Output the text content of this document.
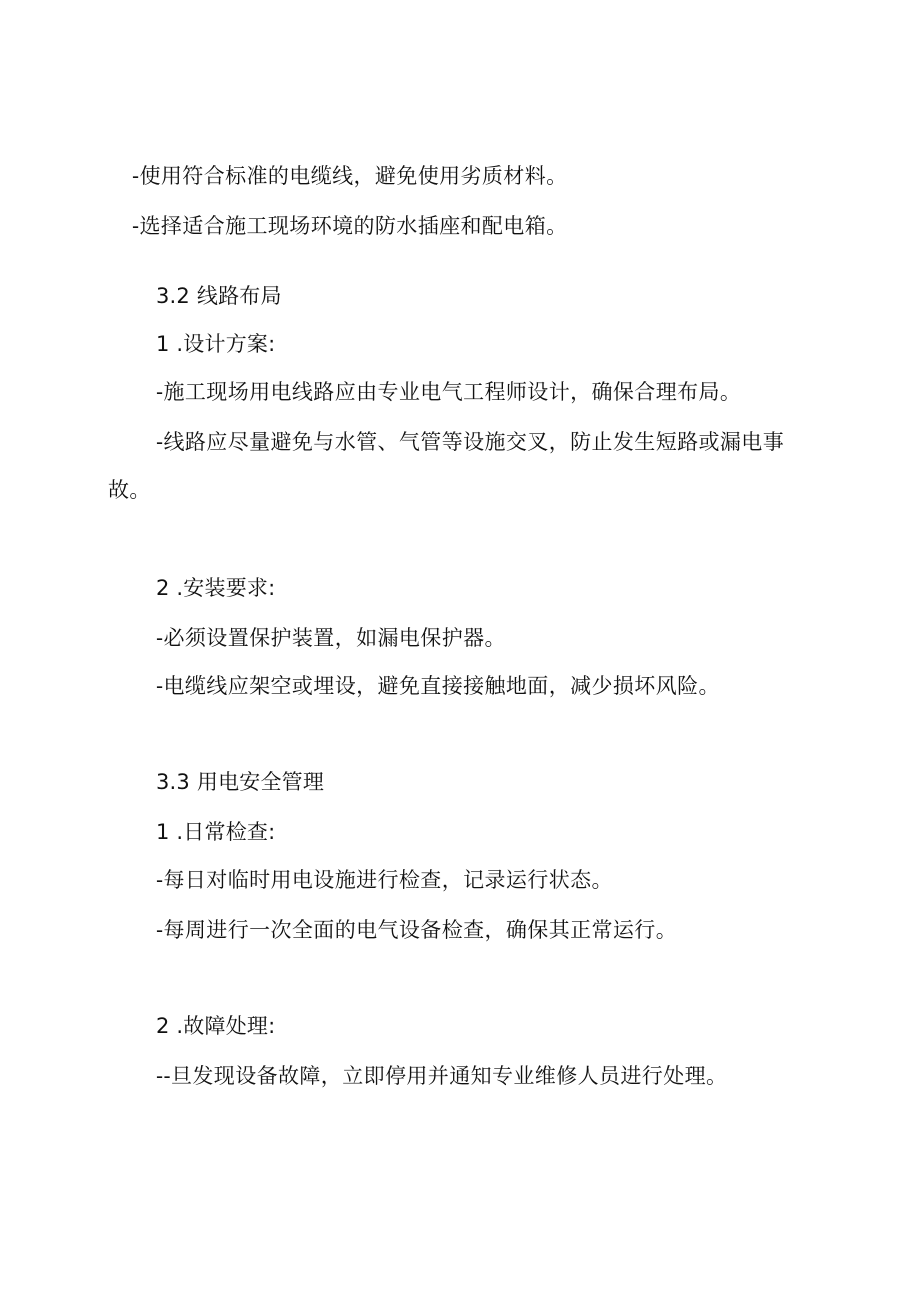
-使用符合标准的电缆线，避免使用劣质材料。
-选择适合施工现场环境的防水插座和配电箱。
3.2 线路布局
1 .设计方案:
-施工现场用电线路应由专业电气工程师设计，确保合理布局。
-线路应尽量避免与水管、气管等设施交叉，防止发生短路或漏电事
故。
2 .安装要求:
-必须设置保护装置，如漏电保护器。
-电缆线应架空或埋设，避免直接接触地面，减少损坏风险。
3.3 用电安全管理
1 .日常检查:
-每日对临时用电设施进行检查，记录运行状态。
-每周进行一次全面的电气设备检查，确保其正常运行。
2 .故障处理:
--旦发现设备故障，立即停用并通知专业维修人员进行处理。
